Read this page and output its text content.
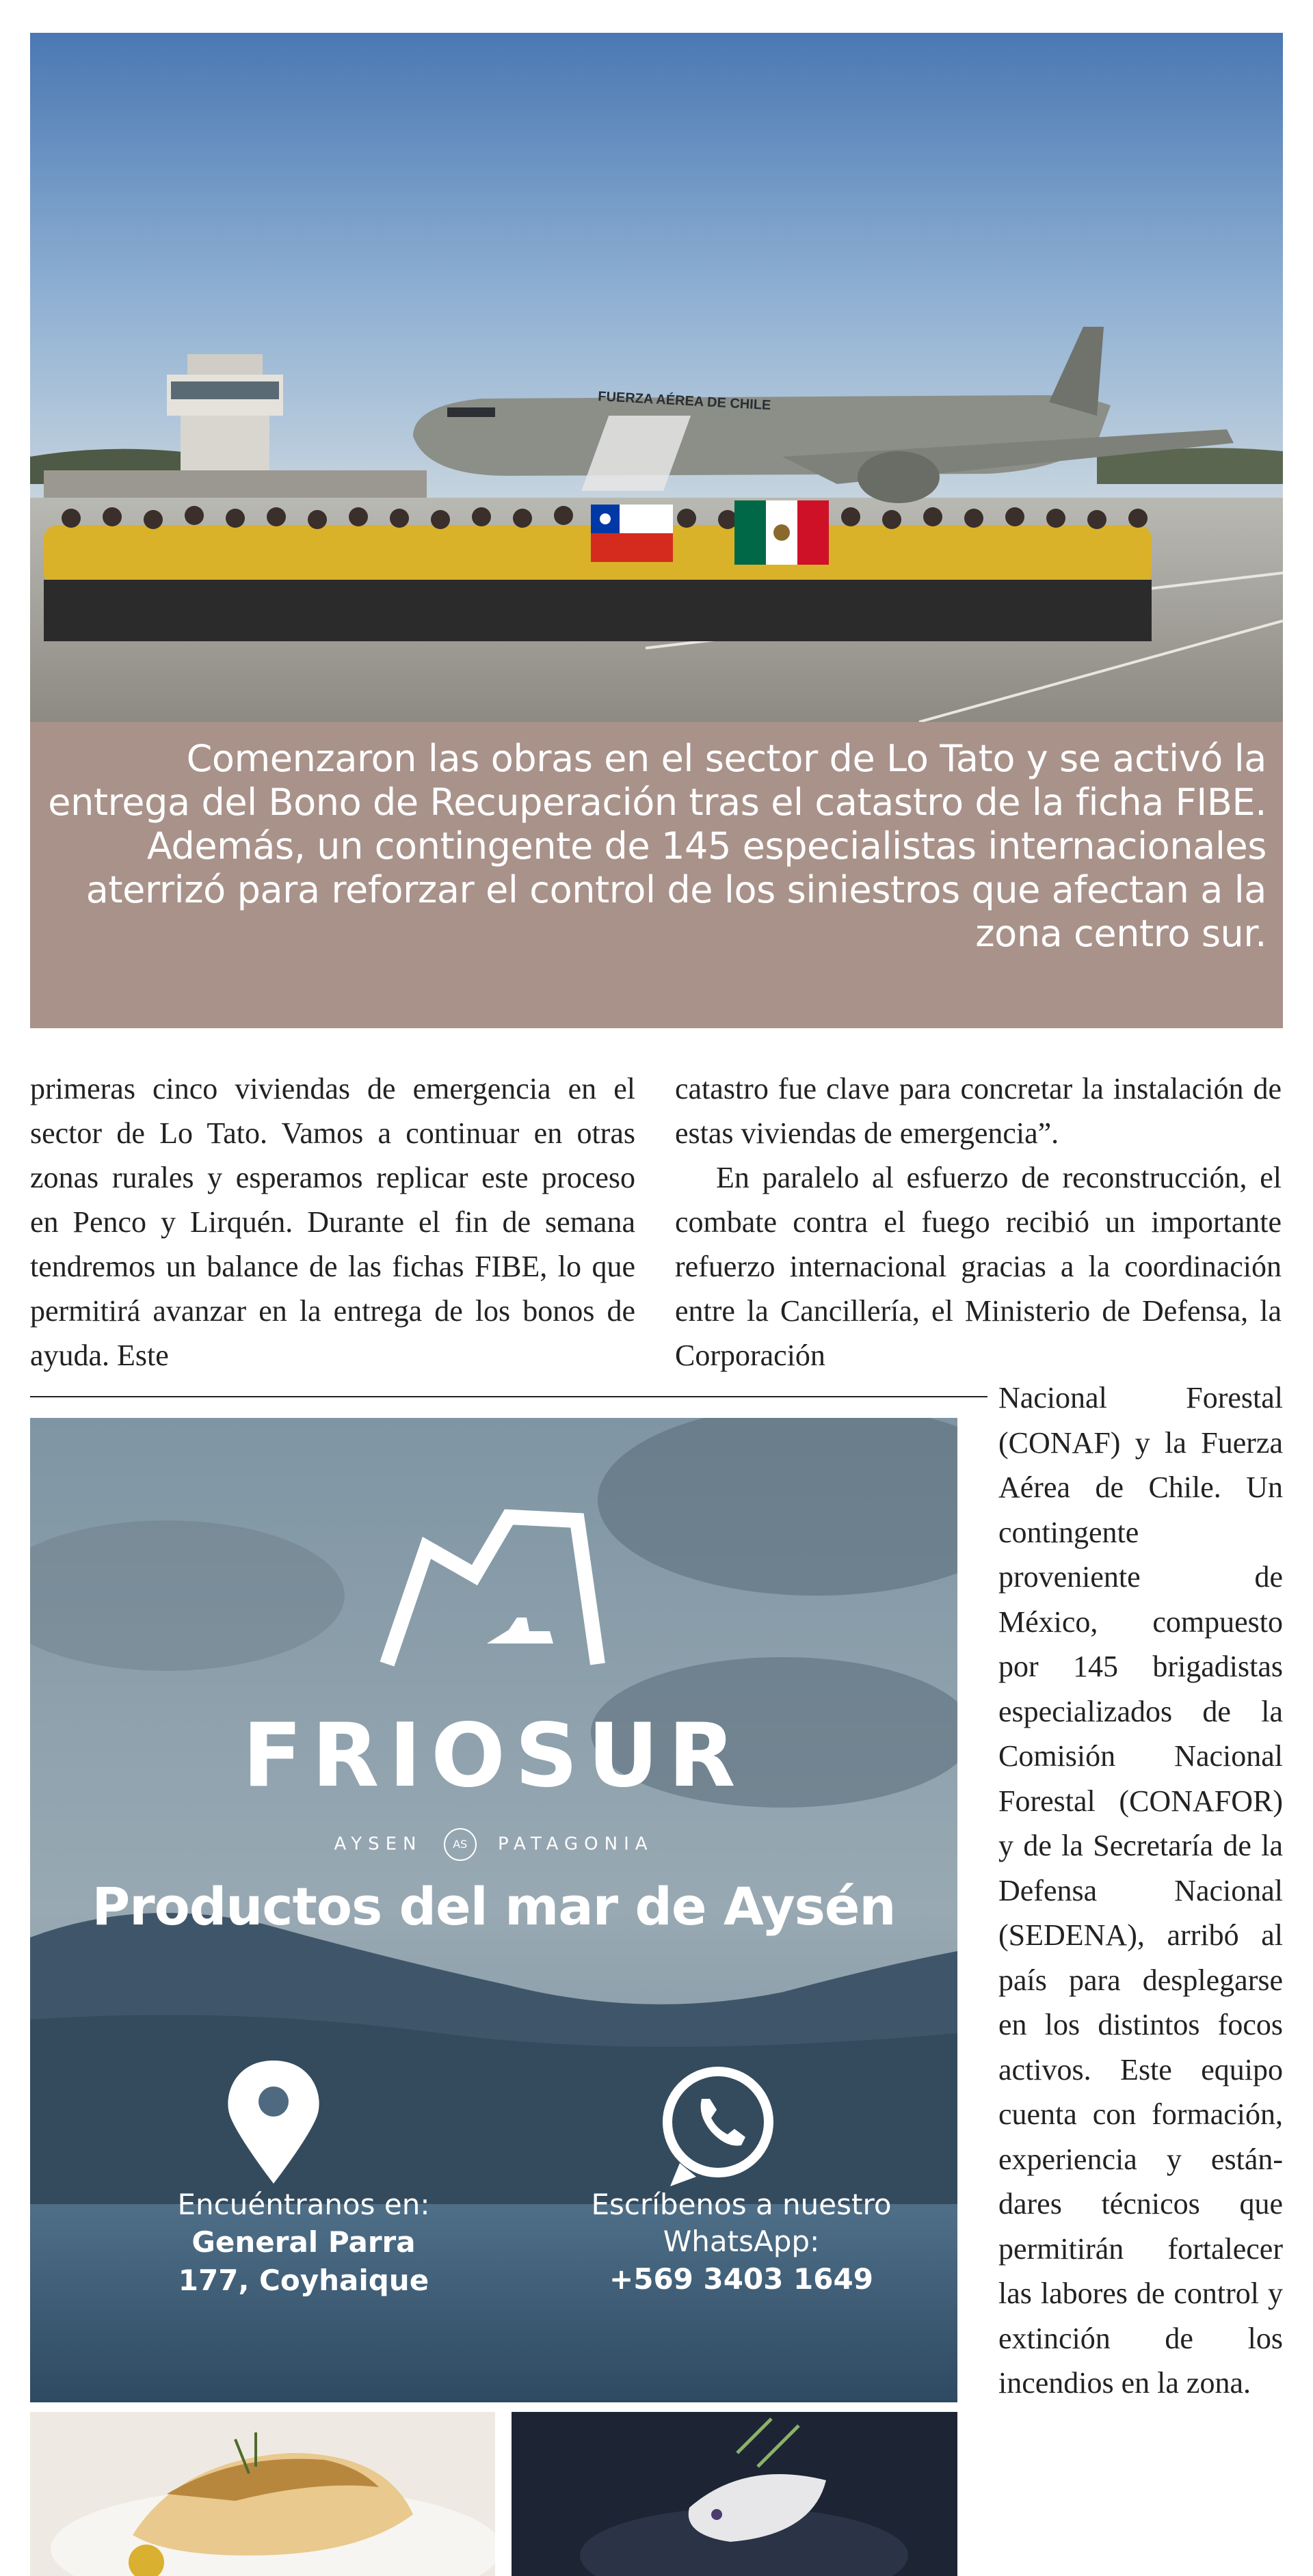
FUERZA AÉREA DE CHILE

Comenzaron las obras en el sector de Lo Tato y se activó la entrega del Bono de Recuperación tras el catastro de la ficha FIBE. Además, un contingente de 145 especialistas internacionales aterrizó para reforzar el control de los siniestros que afectan a la zona centro sur.

primeras cinco viviendas de emergencia en el sector de Lo Tato. Vamos a continuar en otras zonas rurales y esperamos replicar este proceso en Penco y Lirquén. Durante el fin de semana tendremos un balance de las fichas FIBE, lo que permitirá avanzar en la entrega de los bonos de ayuda. Este

catastro fue clave para concretar la instalación de estas viviendas de emergencia”.

En paralelo al esfuerzo de reconstrucción, el combate contra el fuego recibió un importante refuerzo internacional gracias a la coordinación entre la Cancillería, el Ministerio de Defensa, la Corporación

Nacional Forestal (CONAF) y la Fuerza Aérea de Chile. Un contingente proveniente de México, compuesto por 145 brigadistas especializados de la Comisión Nacional Forestal (CONAFOR) y de la Secretaría de la Defensa Nacional (SEDENA), arribó al país para desplegarse en los distintos focos activos. Este equipo cuenta con formación, experiencia y estándares técnicos que permitirán fortalecer las labores de control y extinción de los incendios en la zona.

FRIOSUR
AYSEN	AS PATAGONIA
Productos del mar de Aysén
Encuéntranos en:
General Parra 177, Coyhaique
Escríbenos a nuestro WhatsApp:
+569 3403 1649
